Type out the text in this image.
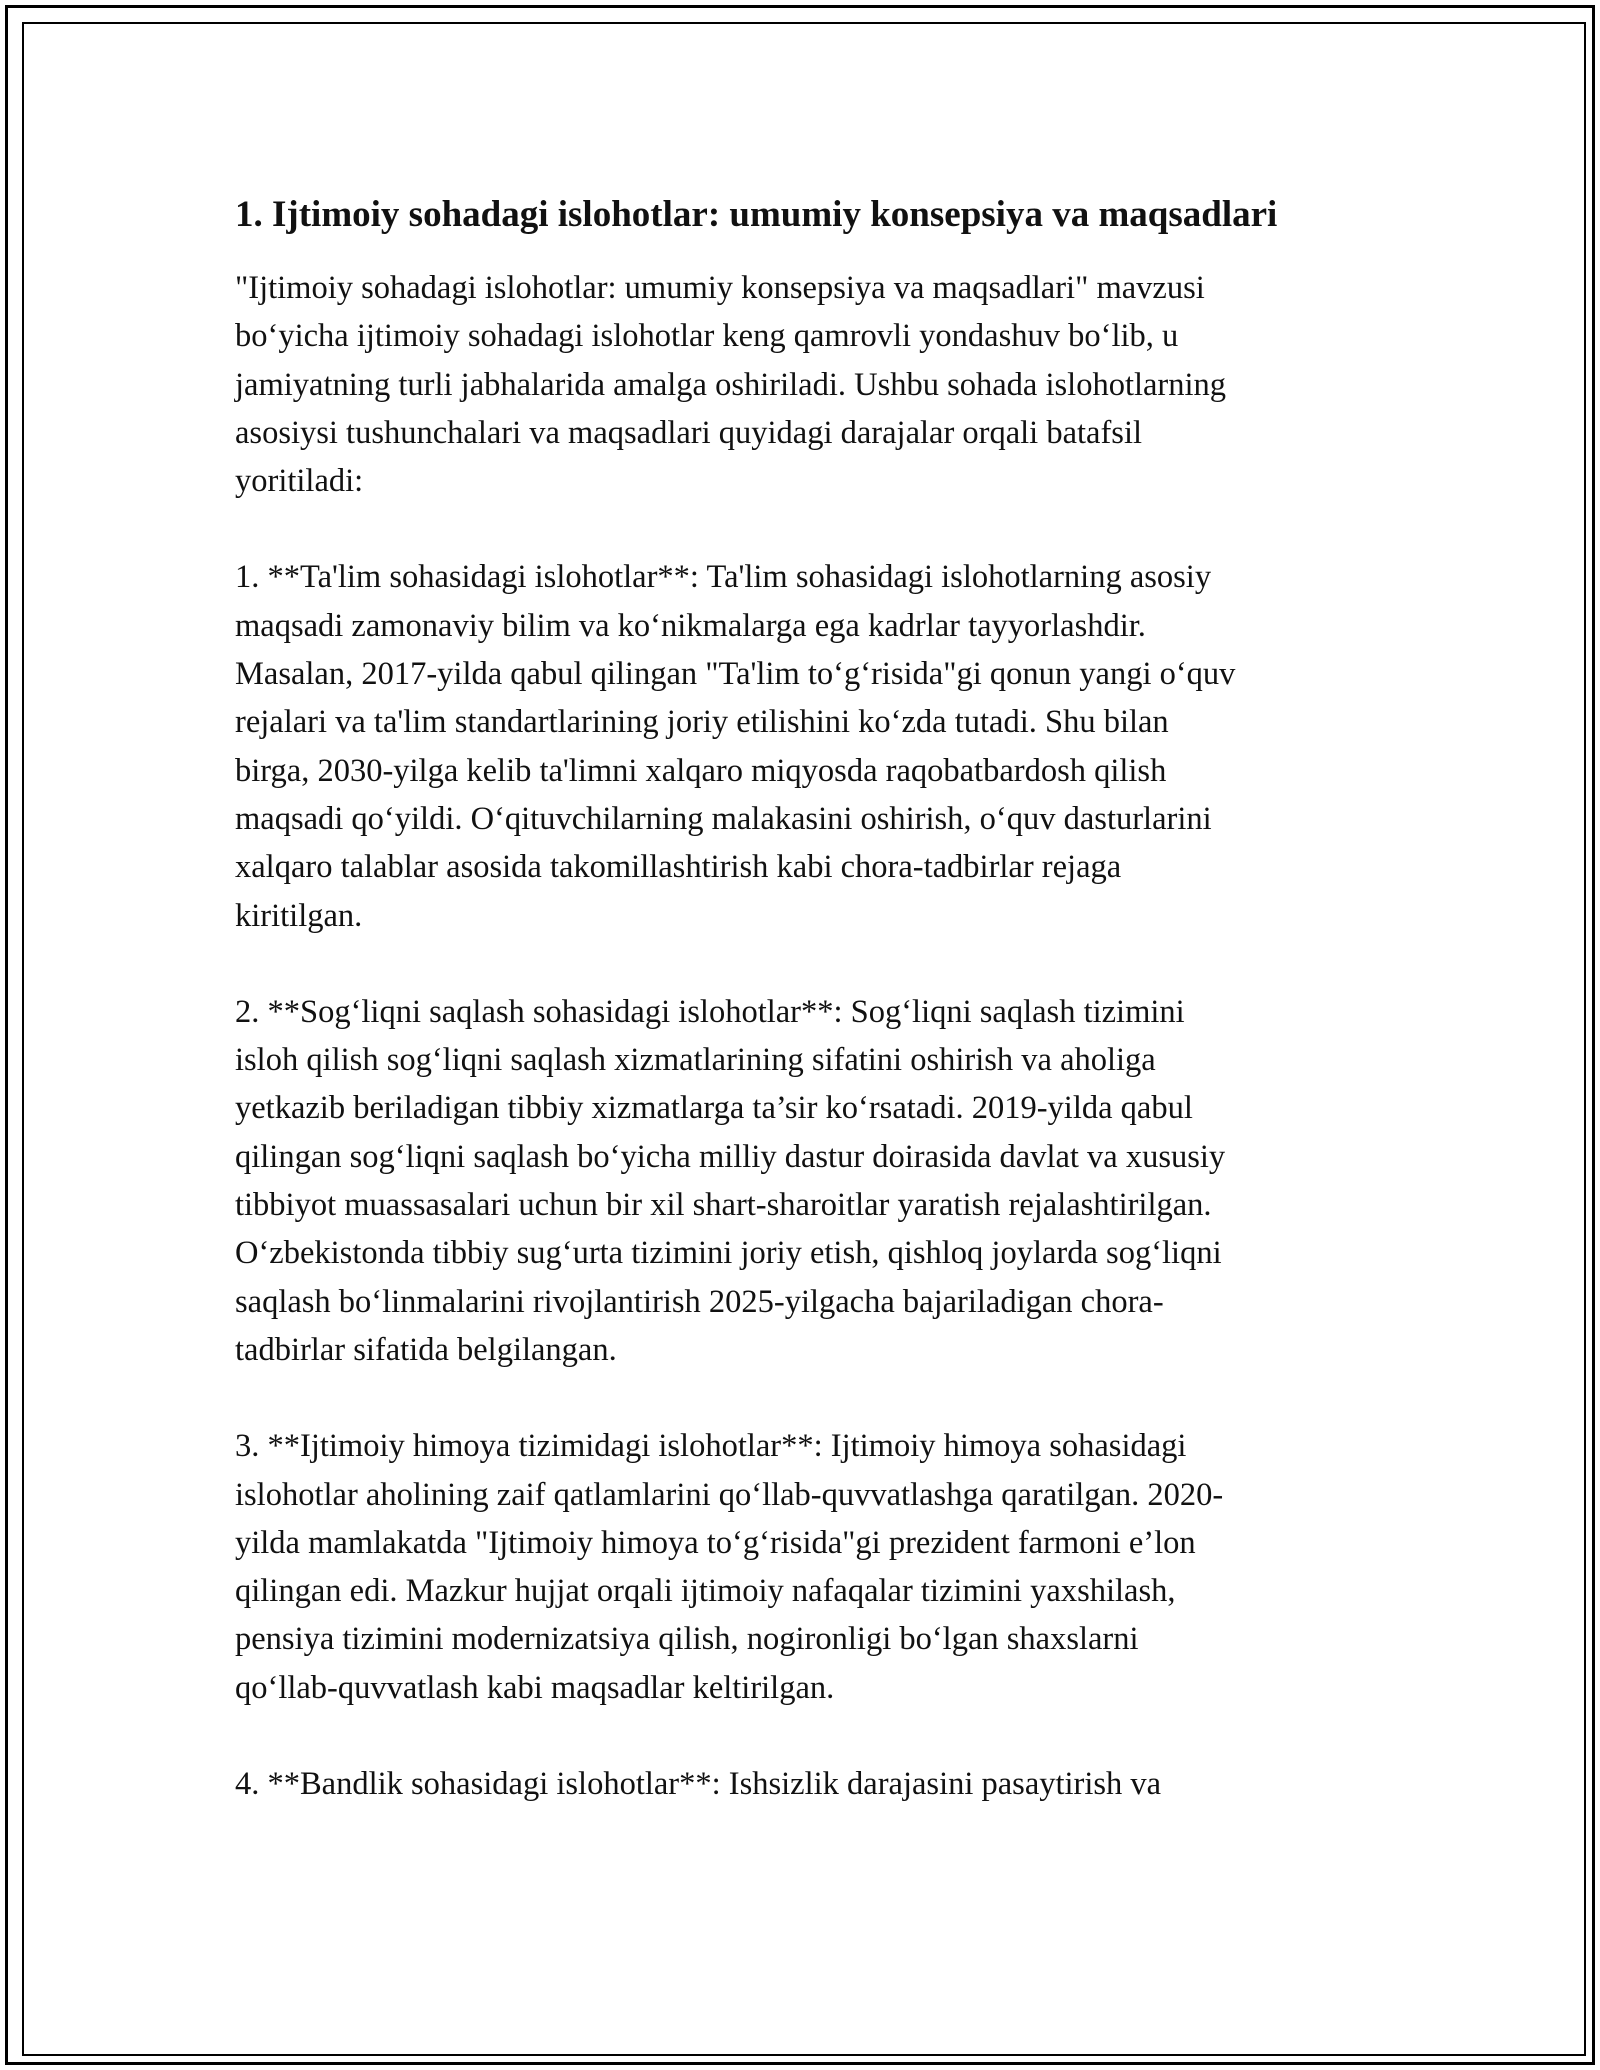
1. Ijtimoiy sohadagi islohotlar: umumiy konsepsiya va maqsadlari

"Ijtimoiy sohadagi islohotlar: umumiy konsepsiya va maqsadlari" mavzusi
bo‘yicha ijtimoiy sohadagi islohotlar keng qamrovli yondashuv bo‘lib, u
jamiyatning turli jabhalarida amalga oshiriladi. Ushbu sohada islohotlarning
asosiysi tushunchalari va maqsadlari quyidagi darajalar orqali batafsil
yoritiladi:

1. **Ta'lim sohasidagi islohotlar**: Ta'lim sohasidagi islohotlarning asosiy
maqsadi zamonaviy bilim va ko‘nikmalarga ega kadrlar tayyorlashdir.
Masalan, 2017-yilda qabul qilingan "Ta'lim to‘g‘risida"gi qonun yangi o‘quv
rejalari va ta'lim standartlarining joriy etilishini ko‘zda tutadi. Shu bilan
birga, 2030-yilga kelib ta'limni xalqaro miqyosda raqobatbardosh qilish
maqsadi qo‘yildi. O‘qituvchilarning malakasini oshirish, o‘quv dasturlarini
xalqaro talablar asosida takomillashtirish kabi chora-tadbirlar rejaga
kiritilgan.

2. **Sog‘liqni saqlash sohasidagi islohotlar**: Sog‘liqni saqlash tizimini
isloh qilish sog‘liqni saqlash xizmatlarining sifatini oshirish va aholiga
yetkazib beriladigan tibbiy xizmatlarga ta’sir ko‘rsatadi. 2019-yilda qabul
qilingan sog‘liqni saqlash bo‘yicha milliy dastur doirasida davlat va xususiy
tibbiyot muassasalari uchun bir xil shart-sharoitlar yaratish rejalashtirilgan.
O‘zbekistonda tibbiy sug‘urta tizimini joriy etish, qishloq joylarda sog‘liqni
saqlash bo‘linmalarini rivojlantirish 2025-yilgacha bajariladigan chora-
tadbirlar sifatida belgilangan.

3. **Ijtimoiy himoya tizimidagi islohotlar**: Ijtimoiy himoya sohasidagi
islohotlar aholining zaif qatlamlarini qo‘llab-quvvatlashga qaratilgan. 2020-
yilda mamlakatda "Ijtimoiy himoya to‘g‘risida"gi prezident farmoni e’lon
qilingan edi. Mazkur hujjat orqali ijtimoiy nafaqalar tizimini yaxshilash,
pensiya tizimini modernizatsiya qilish, nogironligi bo‘lgan shaxslarni
qo‘llab-quvvatlash kabi maqsadlar keltirilgan.

4. **Bandlik sohasidagi islohotlar**: Ishsizlik darajasini pasaytirish va
